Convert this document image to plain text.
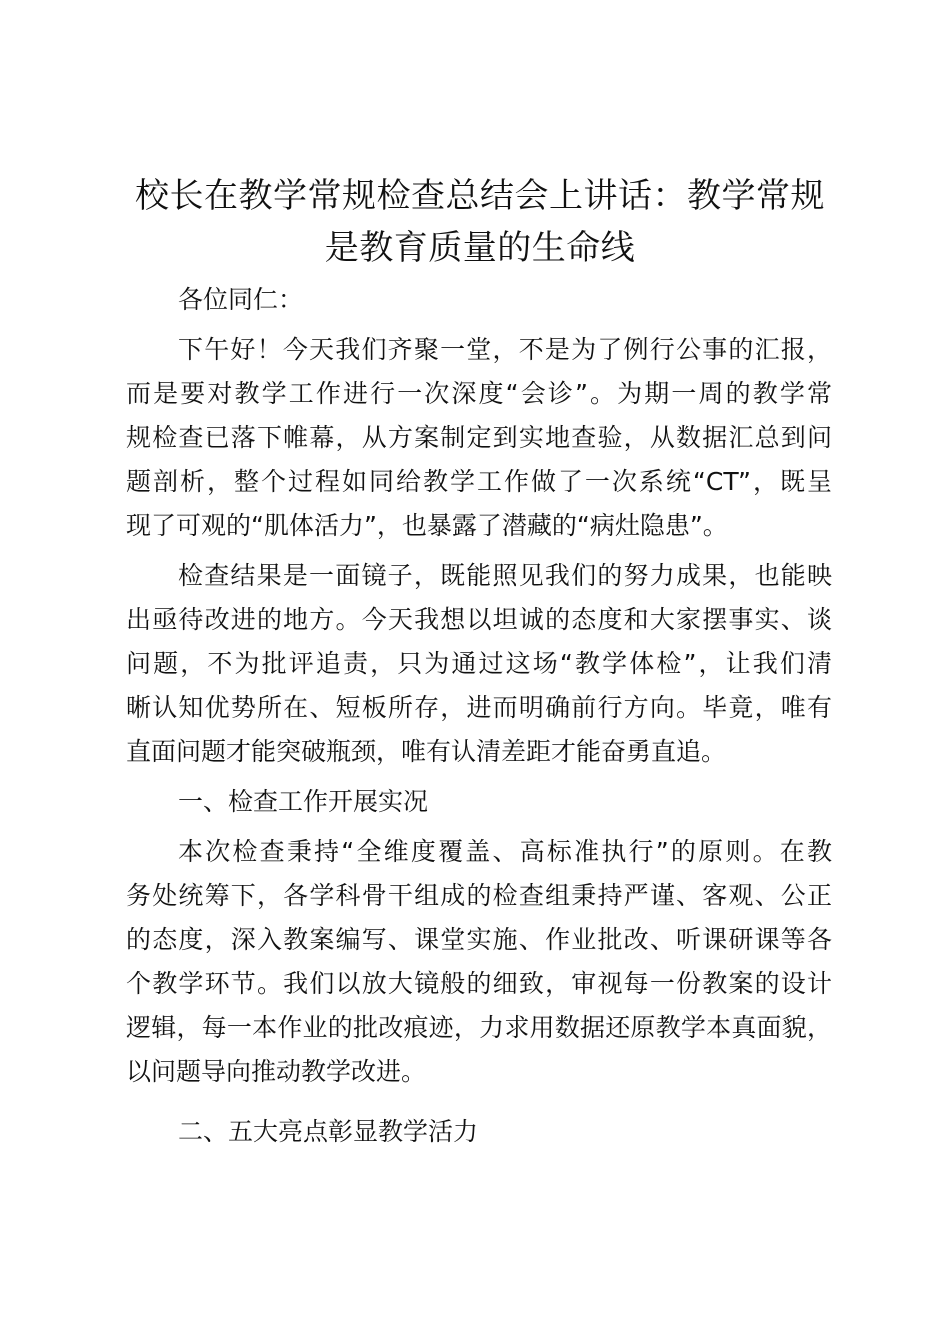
校长在教学常规检查总结会上讲话：教学常规
是教育质量的生命线

各位同仁：

下午好！今天我们齐聚一堂，不是为了例行公事的汇报，

而是要对教学工作进行一次深度“会诊”。为期一周的教学常

规检查已落下帷幕，从方案制定到实地查验，从数据汇总到问

题剖析，整个过程如同给教学工作做了一次系统“CT”，既呈

现了可观的“肌体活力”，也暴露了潜藏的“病灶隐患”。

检查结果是一面镜子，既能照见我们的努力成果，也能映

出亟待改进的地方。今天我想以坦诚的态度和大家摆事实、谈

问题，不为批评追责，只为通过这场“教学体检”，让我们清

晰认知优势所在、短板所存，进而明确前行方向。毕竟，唯有

直面问题才能突破瓶颈，唯有认清差距才能奋勇直追。

一、检查工作开展实况

本次检查秉持“全维度覆盖、高标准执行”的原则。在教

务处统筹下，各学科骨干组成的检查组秉持严谨、客观、公正

的态度，深入教案编写、课堂实施、作业批改、听课研课等各

个教学环节。我们以放大镜般的细致，审视每一份教案的设计

逻辑，每一本作业的批改痕迹，力求用数据还原教学本真面貌，

以问题导向推动教学改进。

二、五大亮点彰显教学活力
